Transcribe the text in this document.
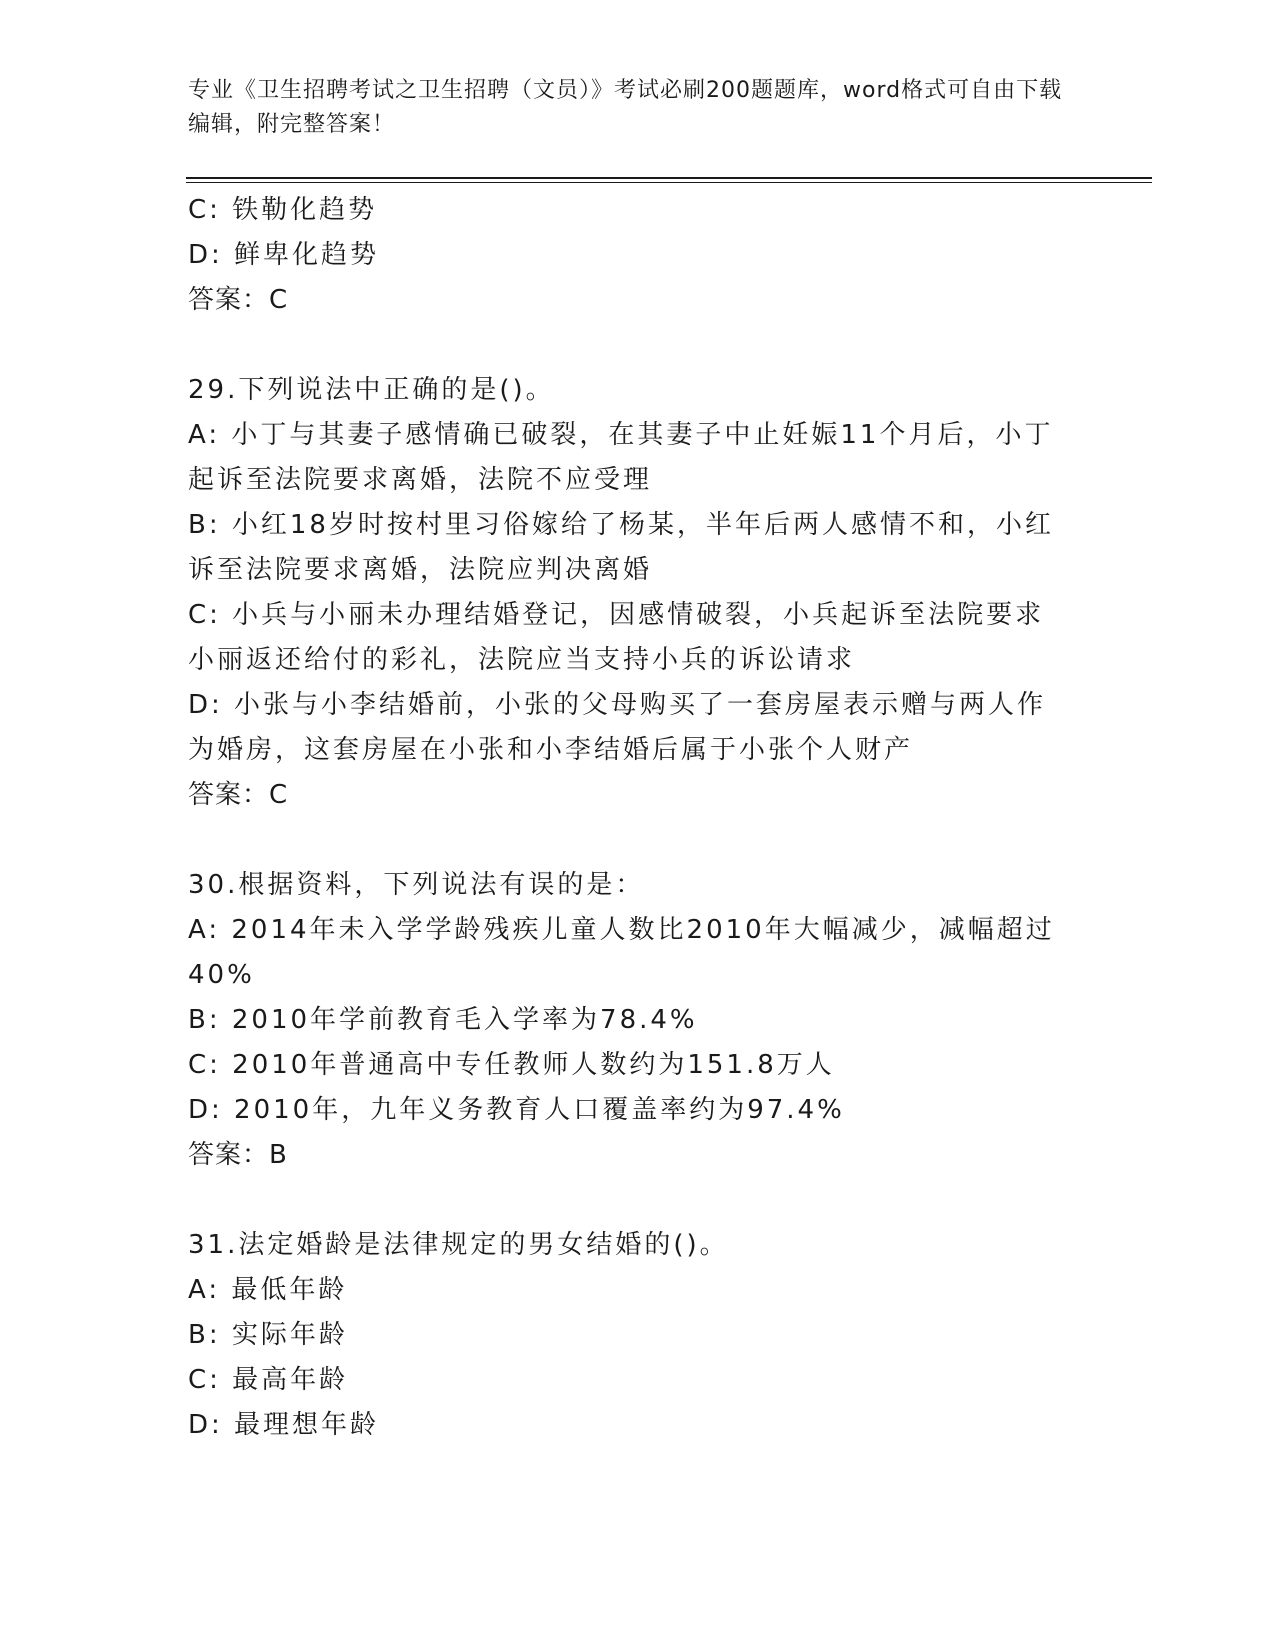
专业《卫生招聘考试之卫生招聘（文员）》考试必刷200题题库，word格式可自由下载编辑，附完整答案！
C: 铁勒化趋势
D: 鲜卑化趋势
答案：C
29.下列说法中正确的是()。
A: 小丁与其妻子感情确已破裂，在其妻子中止妊娠11个月后，小丁起诉至法院要求离婚，法院不应受理
B: 小红18岁时按村里习俗嫁给了杨某，半年后两人感情不和，小红诉至法院要求离婚，法院应判决离婚
C: 小兵与小丽未办理结婚登记，因感情破裂，小兵起诉至法院要求小丽返还给付的彩礼，法院应当支持小兵的诉讼请求
D: 小张与小李结婚前，小张的父母购买了一套房屋表示赠与两人作为婚房，这套房屋在小张和小李结婚后属于小张个人财产
答案：C
30.根据资料，下列说法有误的是：
A: 2014年未入学学龄残疾儿童人数比2010年大幅减少，减幅超过40%
B: 2010年学前教育毛入学率为78.4%
C: 2010年普通高中专任教师人数约为151.8万人
D: 2010年，九年义务教育人口覆盖率约为97.4%
答案：B
31.法定婚龄是法律规定的男女结婚的()。
A: 最低年龄
B: 实际年龄
C: 最高年龄
D: 最理想年龄
